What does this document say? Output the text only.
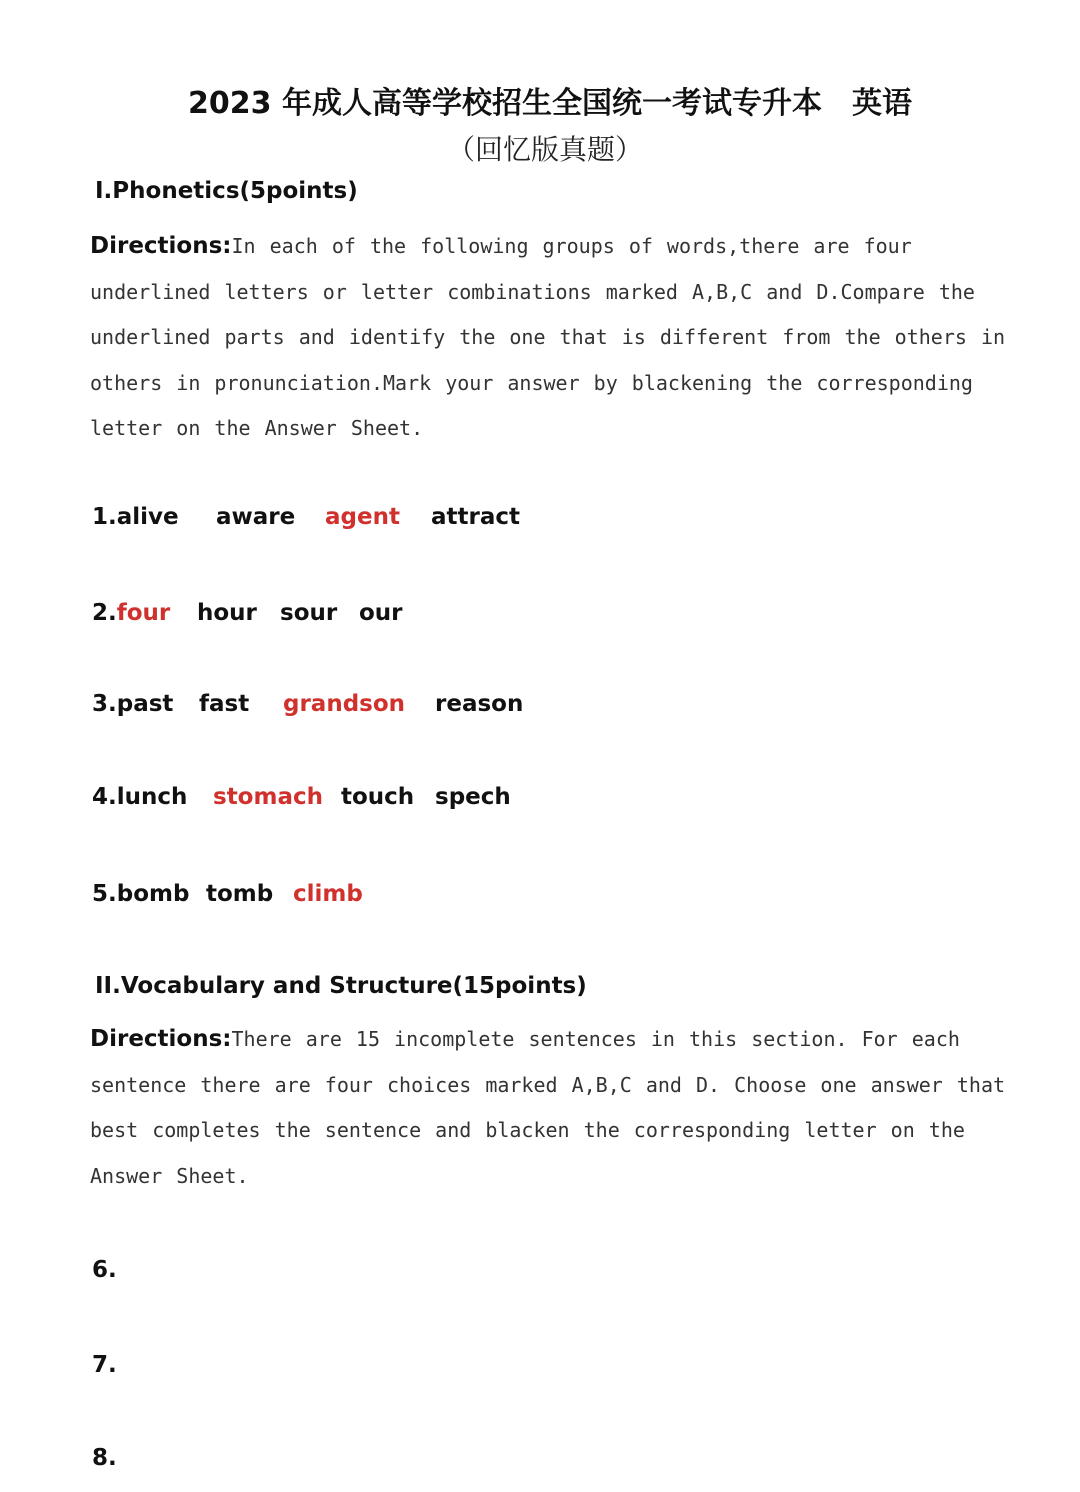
2023 年成人高等学校招生全国统一考试专升本 英语
（回忆版真题）
I.Phonetics(5points)
Directions:In each of the following groups of words,there are four
underlined letters or letter combinations marked A,B,C and D.Compare the
underlined parts and identify the one that is different from the others in
others in pronunciation.Mark your answer by blackening the corresponding
letter on the Answer Sheet.
1.alive aware agent attract
2.four hour sour our
3.past fast grandson reason
4.lunch stomach touch spech
5.bomb tomb climb
II.Vocabulary and Structure(15points)
Directions:There are 15 incomplete sentences in this section. For each
sentence there are four choices marked A,B,C and D. Choose one answer that
best completes the sentence and blacken the corresponding letter on the
Answer Sheet.
6.
7.
8.
